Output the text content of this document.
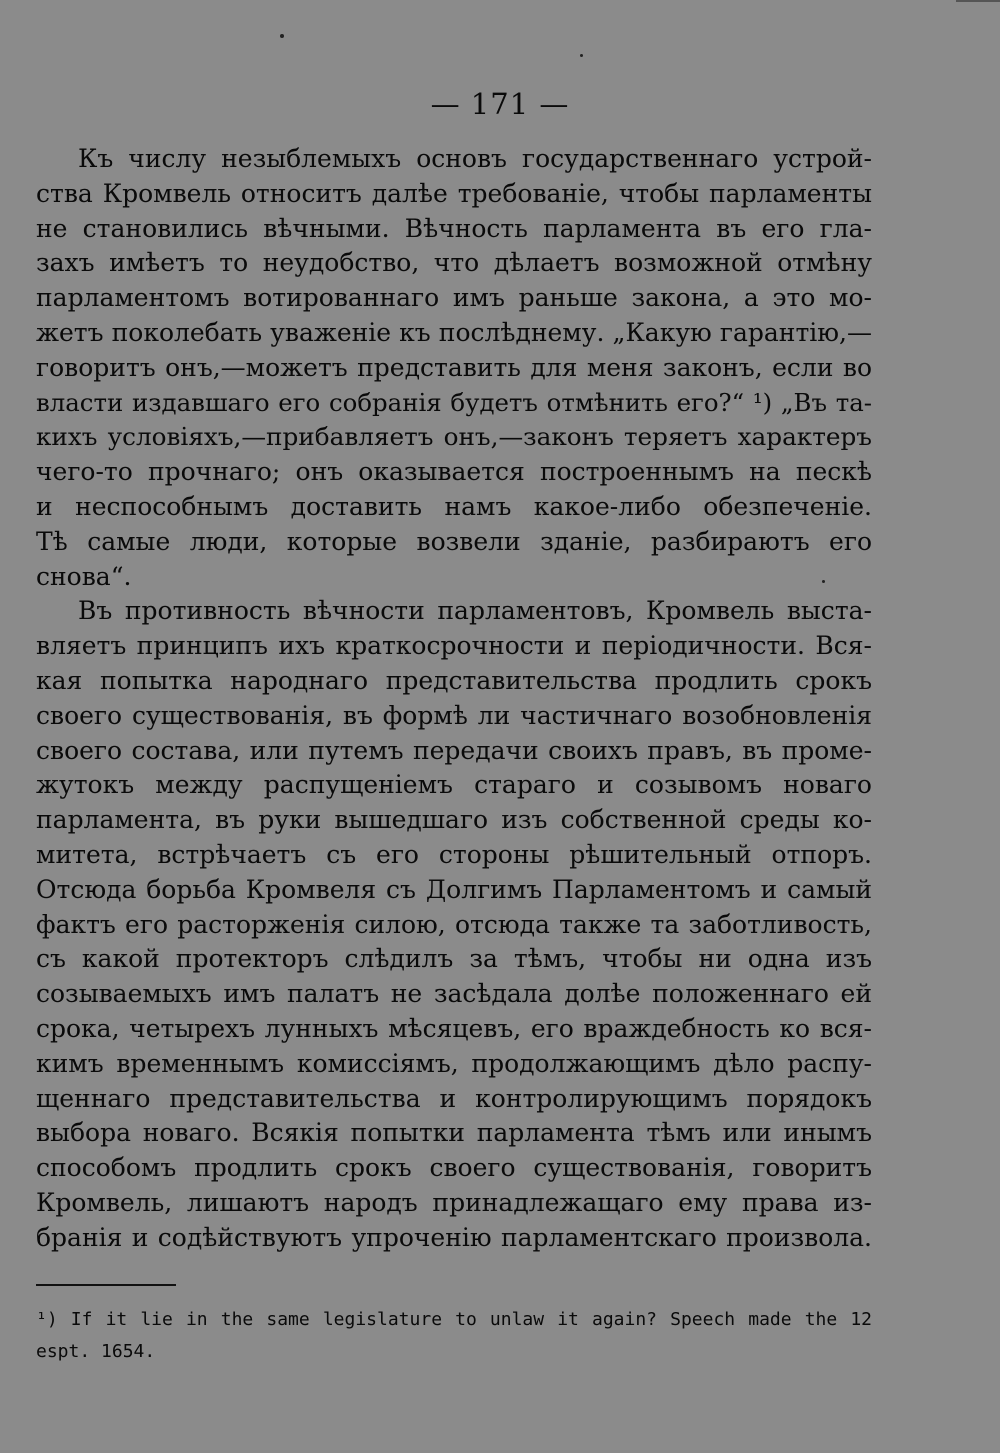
— 171 —
Къ числу незыблемыхъ основъ государственнаго устрой-
ства Кромвель относитъ далѣе требованіе, чтобы парламенты
не становились вѣчными. Вѣчность парламента въ его гла-
захъ имѣетъ то неудобство, что дѣлаетъ возможной отмѣну
парламентомъ вотированнаго имъ раньше закона, а это мо-
жетъ поколебать уваженіе къ послѣднему. „Какую гарантію,—
говоритъ онъ,—можетъ представить для меня законъ, если во
власти издавшаго его собранія будетъ отмѣнить его?“ ¹) „Въ та-
кихъ условіяхъ,—прибавляетъ онъ,—законъ теряетъ характеръ
чего-то прочнаго; онъ оказывается построеннымъ на пескѣ
и неспособнымъ доставить намъ какое-либо обезпеченіе.
Тѣ самые люди, которые возвели зданіе, разбираютъ его
снова“.
Въ противность вѣчности парламентовъ, Кромвель выста-
вляетъ принципъ ихъ краткосрочности и періодичности. Вся-
кая попытка народнаго представительства продлить срокъ
своего существованія, въ формѣ ли частичнаго возобновленія
своего состава, или путемъ передачи своихъ правъ, въ проме-
жутокъ между распущеніемъ стараго и созывомъ новаго
парламента, въ руки вышедшаго изъ собственной среды ко-
митета, встрѣчаетъ съ его стороны рѣшительный отпоръ.
Отсюда борьба Кромвеля съ Долгимъ Парламентомъ и самый
фактъ его расторженія силою, отсюда также та заботливость,
съ какой протекторъ слѣдилъ за тѣмъ, чтобы ни одна изъ
созываемыхъ имъ палатъ не засѣдала долѣе положеннаго ей
срока, четырехъ лунныхъ мѣсяцевъ, его враждебность ко вся-
кимъ временнымъ комиссіямъ, продолжающимъ дѣло распу-
щеннаго представительства и контролирующимъ порядокъ
выбора новаго. Всякія попытки парламента тѣмъ или инымъ
способомъ продлить срокъ своего существованія, говоритъ
Кромвель, лишаютъ народъ принадлежащаго ему права из-
бранія и содѣйствуютъ упроченію парламентскаго произвола.
¹) If it lie in the same legislature to unlaw it again? Speech made the 12
espt. 1654.
